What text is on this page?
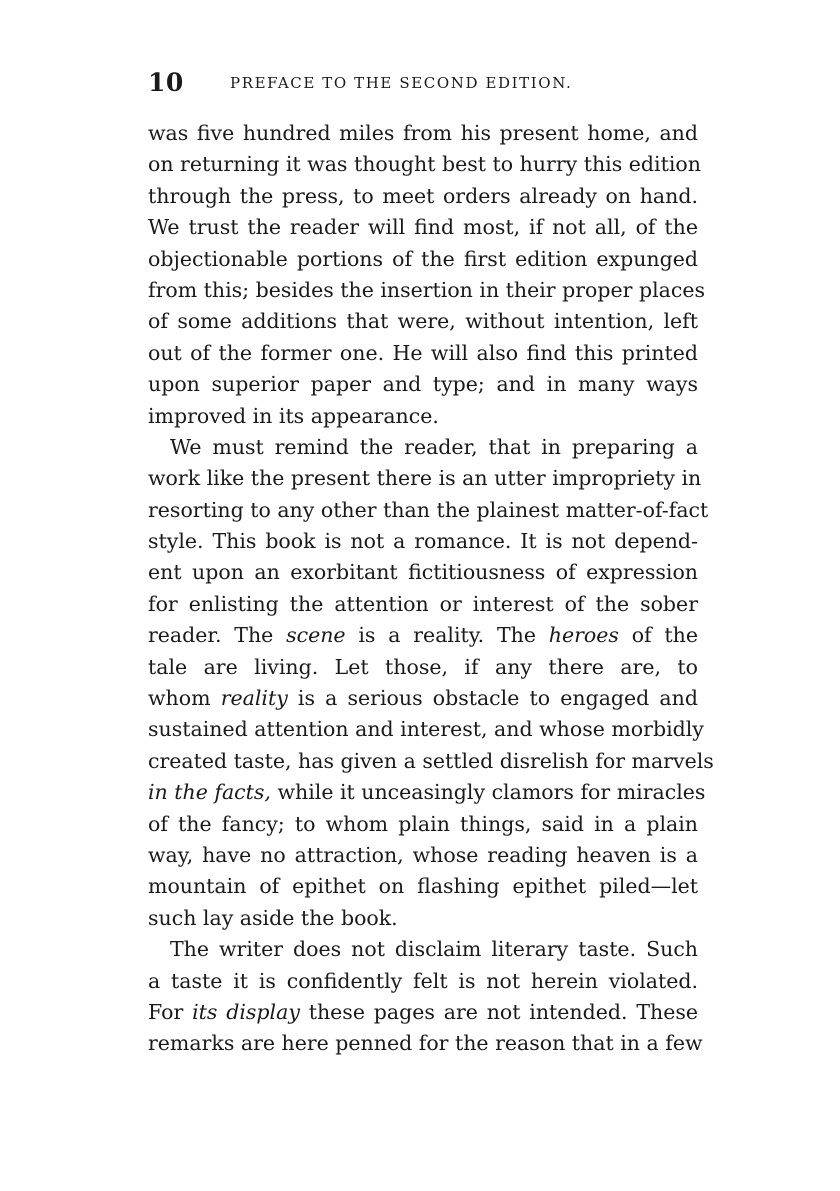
10	PREFACE TO THE SECOND EDITION.
was five hundred miles from his present home, and
on returning it was thought best to hurry this edition
through the press, to meet orders already on hand.
We trust the reader will find most, if not all, of the
objectionable portions of the first edition expunged
from this; besides the insertion in their proper places
of some additions that were, without intention, left
out of the former one. He will also find this printed
upon superior paper and type; and in many ways
improved in its appearance.
We must remind the reader, that in preparing a
work like the present there is an utter impropriety in
resorting to any other than the plainest matter-of-fact
style. This book is not a romance. It is not depend-
ent upon an exorbitant fictitiousness of expression
for enlisting the attention or interest of the sober
reader. The scene is a reality. The heroes of the
tale are living. Let those, if any there are, to
whom reality is a serious obstacle to engaged and
sustained attention and interest, and whose morbidly
created taste, has given a settled disrelish for marvels
in the facts, while it unceasingly clamors for miracles
of the fancy; to whom plain things, said in a plain
way, have no attraction, whose reading heaven is a
mountain of epithet on flashing epithet piled—let
such lay aside the book.
The writer does not disclaim literary taste. Such
a taste it is confidently felt is not herein violated.
For its display these pages are not intended. These
remarks are here penned for the reason that in a few
